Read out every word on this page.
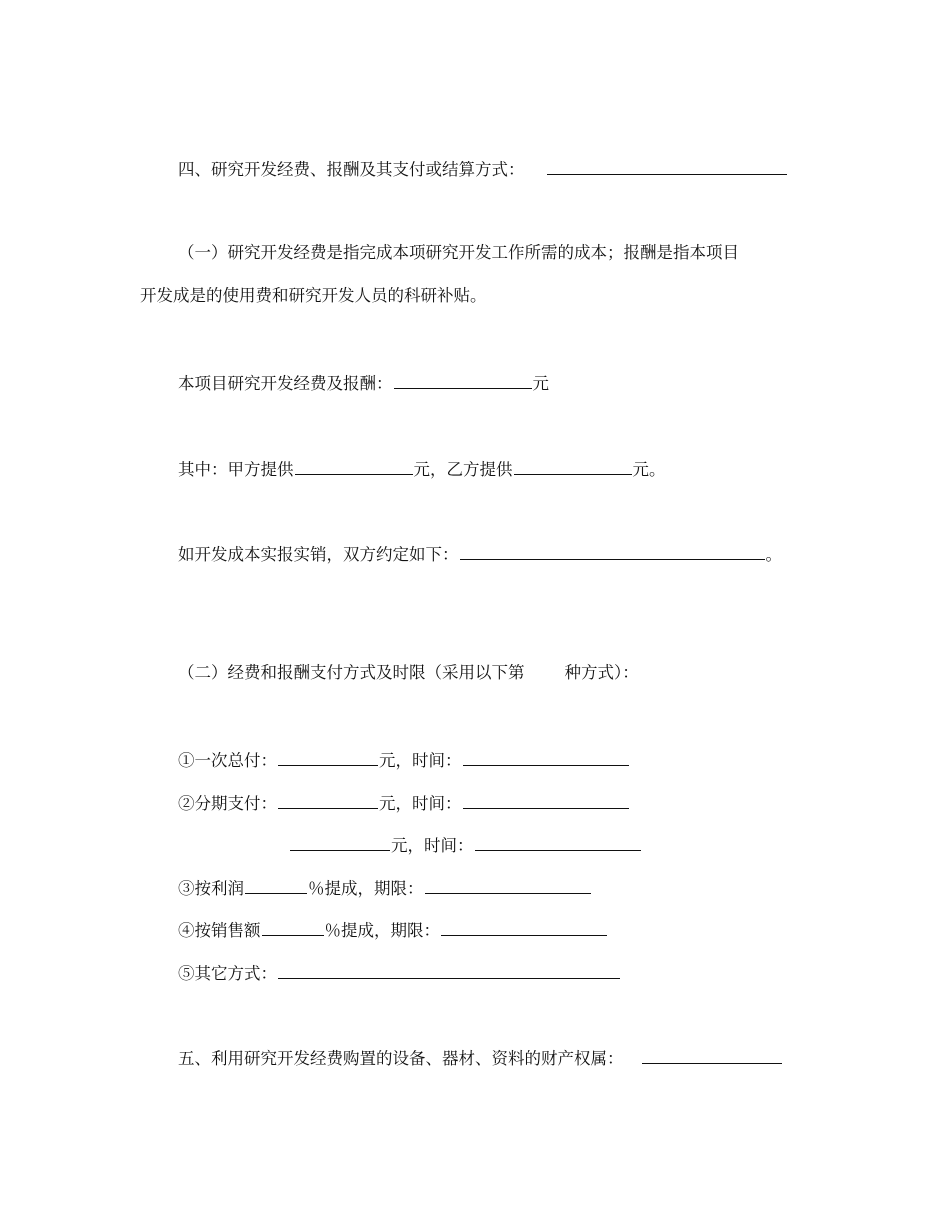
四、研究开发经费、报酬及其支付或结算方式：
（一）研究开发经费是指完成本项研究开发工作所需的成本；报酬是指本项目
开发成是的使用费和研究开发人员的科研补贴。
本项目研究开发经费及报酬：	元
其中：甲方提供	元，乙方提供	元。
如开发成本实报实销，双方约定如下：	。
（二）经费和报酬支付方式及时限（采用以下第 种方式）：
①一次总付：	元，时间：
②分期支付：	元，时间：
元，时间：
③按利润	％提成，期限：
④按销售额	％提成，期限：
⑤其它方式：
五、利用研究开发经费购置的设备、器材、资料的财产权属：
